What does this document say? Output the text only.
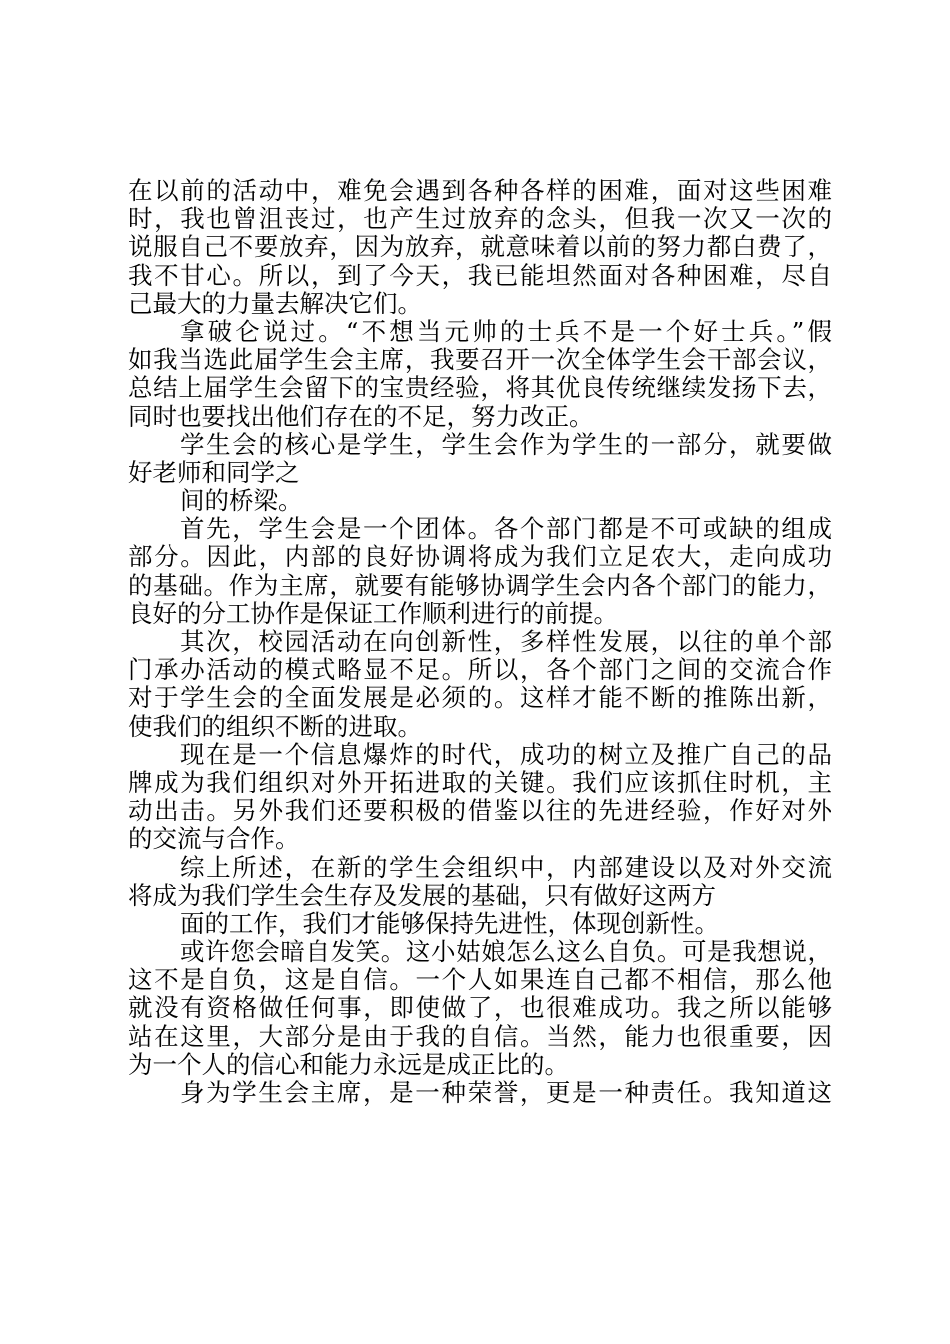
在以前的活动中，难免会遇到各种各样的困难，面对这些困难
时，我也曾沮丧过，也产生过放弃的念头，但我一次又一次的
说服自己不要放弃，因为放弃，就意味着以前的努力都白费了，
我不甘心。所以，到了今天，我已能坦然面对各种困难，尽自
己最大的力量去解决它们。
拿破仑说过。“不想当元帅的士兵不是一个好士兵。”假
如我当选此届学生会主席，我要召开一次全体学生会干部会议，
总结上届学生会留下的宝贵经验，将其优良传统继续发扬下去，
同时也要找出他们存在的不足，努力改正。
学生会的核心是学生，学生会作为学生的一部分，就要做
好老师和同学之
间的桥梁。
首先，学生会是一个团体。各个部门都是不可或缺的组成
部分。因此，内部的良好协调将成为我们立足农大，走向成功
的基础。作为主席，就要有能够协调学生会内各个部门的能力，
良好的分工协作是保证工作顺利进行的前提。
其次，校园活动在向创新性，多样性发展，以往的单个部
门承办活动的模式略显不足。所以，各个部门之间的交流合作
对于学生会的全面发展是必须的。这样才能不断的推陈出新，
使我们的组织不断的进取。
现在是一个信息爆炸的时代，成功的树立及推广自己的品
牌成为我们组织对外开拓进取的关键。我们应该抓住时机，主
动出击。另外我们还要积极的借鉴以往的先进经验，作好对外
的交流与合作。
综上所述，在新的学生会组织中，内部建设以及对外交流
将成为我们学生会生存及发展的基础，只有做好这两方
面的工作，我们才能够保持先进性，体现创新性。
或许您会暗自发笑。这小姑娘怎么这么自负。可是我想说，
这不是自负，这是自信。一个人如果连自己都不相信，那么他
就没有资格做任何事，即使做了，也很难成功。我之所以能够
站在这里，大部分是由于我的自信。当然，能力也很重要，因
为一个人的信心和能力永远是成正比的。
身为学生会主席，是一种荣誉，更是一种责任。我知道这
